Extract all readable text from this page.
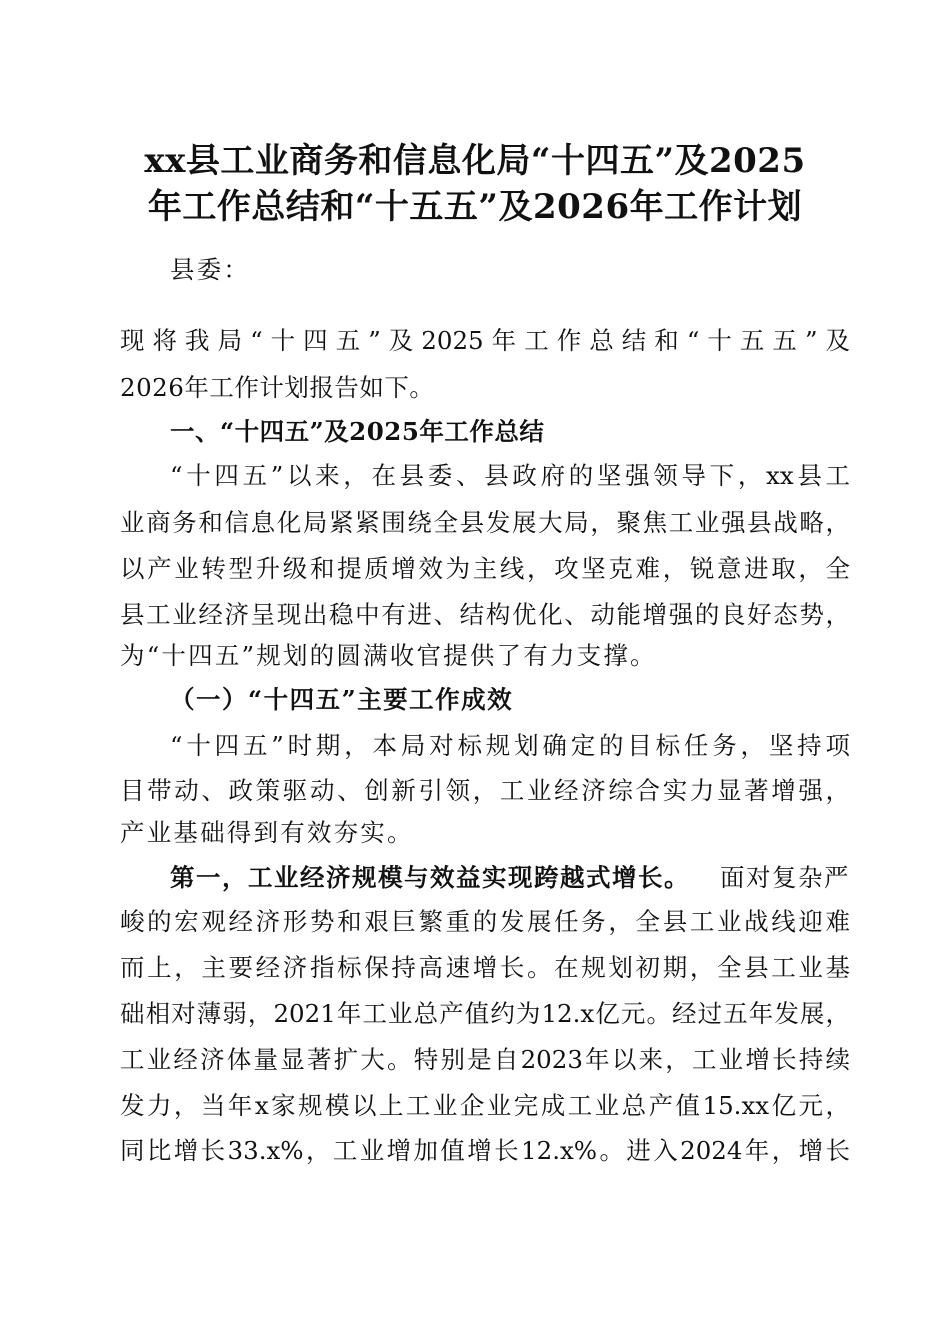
xx县工业商务和信息化局“十四五”及2025
年工作总结和“十五五”及2026年工作计划
县委：
现将我局“十四五”及2025年工作总结和“十五五”及
2026年工作计划报告如下。
一、“十四五”及2025年工作总结
“十四五”以来，在县委、县政府的坚强领导下，xx县工
业商务和信息化局紧紧围绕全县发展大局，聚焦工业强县战略，
以产业转型升级和提质增效为主线，攻坚克难，锐意进取，全
县工业经济呈现出稳中有进、结构优化、动能增强的良好态势，
为“十四五”规划的圆满收官提供了有力支撑。
（一）“十四五”主要工作成效
“十四五”时期，本局对标规划确定的目标任务，坚持项
目带动、政策驱动、创新引领，工业经济综合实力显著增强，
产业基础得到有效夯实。
第一，工业经济规模与效益实现跨越式增长。 面对复杂严
峻的宏观经济形势和艰巨繁重的发展任务，全县工业战线迎难
而上，主要经济指标保持高速增长。在规划初期，全县工业基
础相对薄弱，2021年工业总产值约为12.x亿元。经过五年发展，
工业经济体量显著扩大。特别是自2023年以来，工业增长持续
发力，当年x家规模以上工业企业完成工业总产值15.xx亿元，
同比增长33.x%，工业增加值增长12.x%。进入2024年，增长
